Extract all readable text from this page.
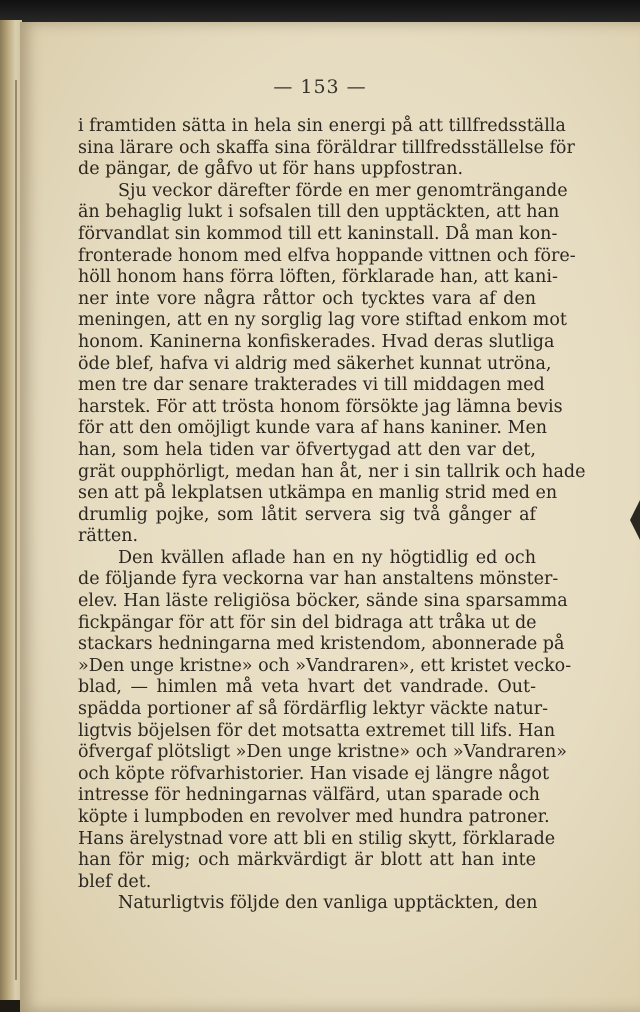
— 153 —
i framtiden sätta in hela sin energi på att tillfredsställa
sina lärare och skaffa sina föräldrar tillfredsställelse för
de pängar, de gåfvo ut för hans uppfostran.
Sju veckor därefter förde en mer genomträngande
än behaglig lukt i sofsalen till den upptäckten, att han
förvandlat sin kommod till ett kaninstall. Då man kon-
fronterade honom med elfva hoppande vittnen och före-
höll honom hans förra löften, förklarade han, att kani-
ner inte vore några råttor och tycktes vara af den
meningen, att en ny sorglig lag vore stiftad enkom mot
honom. Kaninerna konfiskerades. Hvad deras slutliga
öde blef, hafva vi aldrig med säkerhet kunnat utröna,
men tre dar senare trakterades vi till middagen med
harstek. För att trösta honom försökte jag lämna bevis
för att den omöjligt kunde vara af hans kaniner. Men
han, som hela tiden var öfvertygad att den var det,
grät oupphörligt, medan han åt, ner i sin tallrik och hade
sen att på lekplatsen utkämpa en manlig strid med en
drumlig pojke, som låtit servera sig två gånger af
rätten.
Den kvällen aflade han en ny högtidlig ed och
de följande fyra veckorna var han anstaltens mönster-
elev. Han läste religiösa böcker, sände sina sparsamma
fickpängar för att för sin del bidraga att tråka ut de
stackars hedningarna med kristendom, abonnerade på
»Den unge kristne» och »Vandraren», ett kristet vecko-
blad, — himlen må veta hvart det vandrade. Out-
spädda portioner af så fördärflig lektyr väckte natur-
ligtvis böjelsen för det motsatta extremet till lifs. Han
öfvergaf plötsligt »Den unge kristne» och »Vandraren»
och köpte röfvarhistorier. Han visade ej längre något
intresse för hedningarnas välfärd, utan sparade och
köpte i lumpboden en revolver med hundra patroner.
Hans ärelystnad vore att bli en stilig skytt, förklarade
han för mig; och märkvärdigt är blott att han inte
blef det.
Naturligtvis följde den vanliga upptäckten, den
